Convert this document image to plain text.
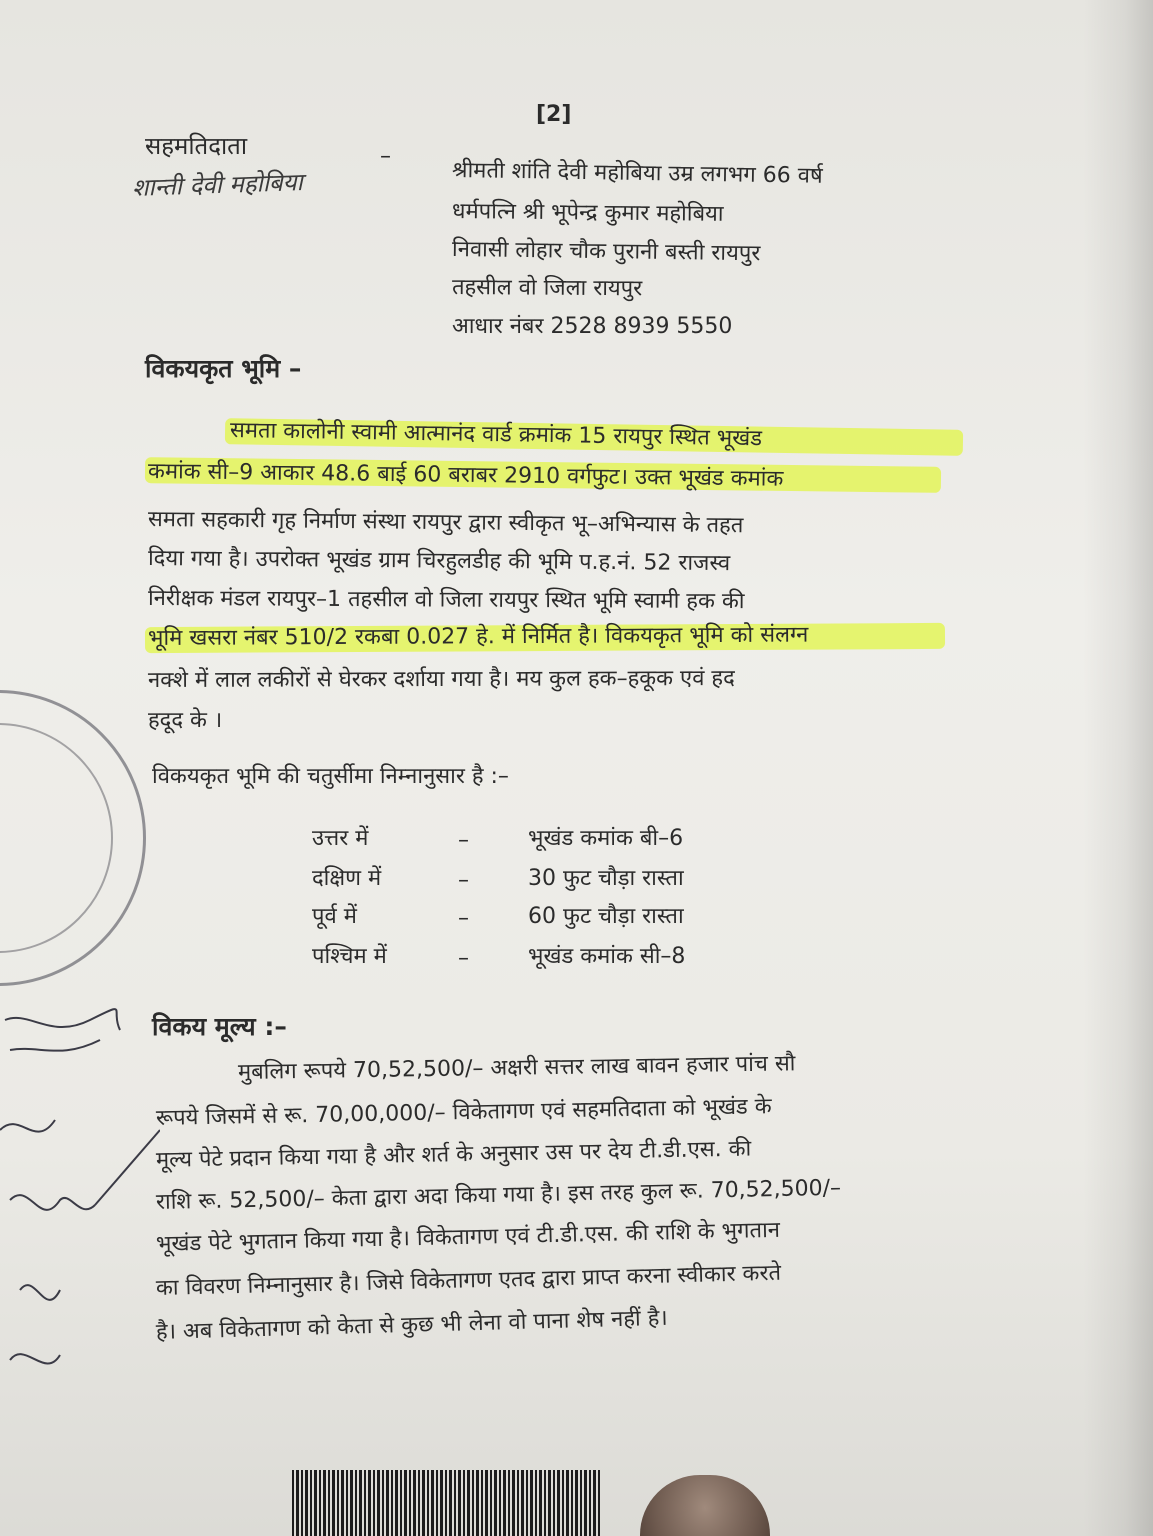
[2]
सहमतिदाता
शान्ती देवी महोबिया
–
श्रीमती शांति देवी महोबिया उम्र लगभग 66 वर्ष
धर्मपत्नि श्री भूपेन्द्र कुमार महोबिया
निवासी लोहार चौक पुरानी बस्ती रायपुर
तहसील वो जिला रायपुर
आधार नंबर 2528 8939 5550
विकयकृत भूमि –
समता कालोनी स्वामी आत्मानंद वार्ड क्रमांक 15 रायपुर स्थित भूखंड
कमांक सी–9 आकार 48.6 बाई 60 बराबर 2910 वर्गफुट। उक्त भूखंड कमांक
समता सहकारी गृह निर्माण संस्था रायपुर द्वारा स्वीकृत भू–अभिन्यास के तहत
दिया गया है। उपरोक्त भूखंड ग्राम चिरहुलडीह की भूमि प.ह.नं. 52 राजस्व
निरीक्षक मंडल रायपुर–1 तहसील वो जिला रायपुर स्थित भूमि स्वामी हक की
भूमि खसरा नंबर 510/2 रकबा 0.027 हे. में निर्मित है। विकयकृत भूमि को संलग्न
नक्शे में लाल लकीरों से घेरकर दर्शाया गया है। मय कुल हक–हकूक एवं हद
हदूद के ।
विकयकृत भूमि की चतुर्सीमा निम्नानुसार है :–
उत्तर में	–	भूखंड कमांक बी–6
दक्षिण में	–	30 फुट चौड़ा रास्ता
पूर्व में	–	60 फुट चौड़ा रास्ता
पश्चिम में	–	भूखंड कमांक सी–8
विकय मूल्य :–
मुबलिग रूपये 70,52,500/– अक्षरी सत्तर लाख बावन हजार पांच सौ
रूपये जिसमें से रू. 70,00,000/– विकेतागण एवं सहमतिदाता को भूखंड के
मूल्य पेटे प्रदान किया गया है और शर्त के अनुसार उस पर देय टी.डी.एस. की
राशि रू. 52,500/– केता द्वारा अदा किया गया है। इस तरह कुल रू. 70,52,500/–
भूखंड पेटे भुगतान किया गया है। विकेतागण एवं टी.डी.एस. की राशि के भुगतान
का विवरण निम्नानुसार है। जिसे विकेतागण एतद द्वारा प्राप्त करना स्वीकार करते
है। अब विकेतागण को केता से कुछ भी लेना वो पाना शेष नहीं है।
